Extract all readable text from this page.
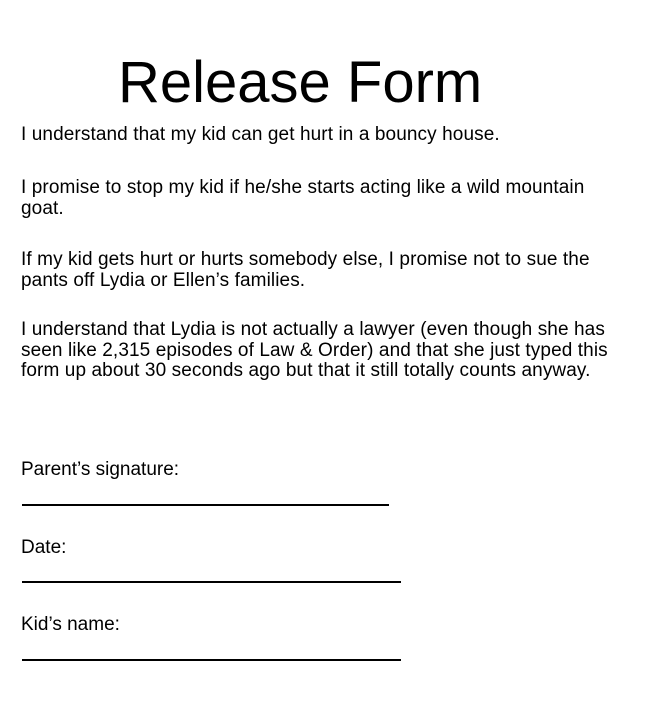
Release Form

I understand that my kid can get hurt in a bouncy house.

I promise to stop my kid if he/she starts acting like a wild mountain goat.

If my kid gets hurt or hurts somebody else, I promise not to sue the pants off Lydia or Ellen’s families.

I understand that Lydia is not actually a lawyer (even though she has seen like 2,315 episodes of Law & Order) and that she just typed this form up about 30 seconds ago but that it still totally counts anyway.

Parent’s signature:

Date:

Kid’s name:
